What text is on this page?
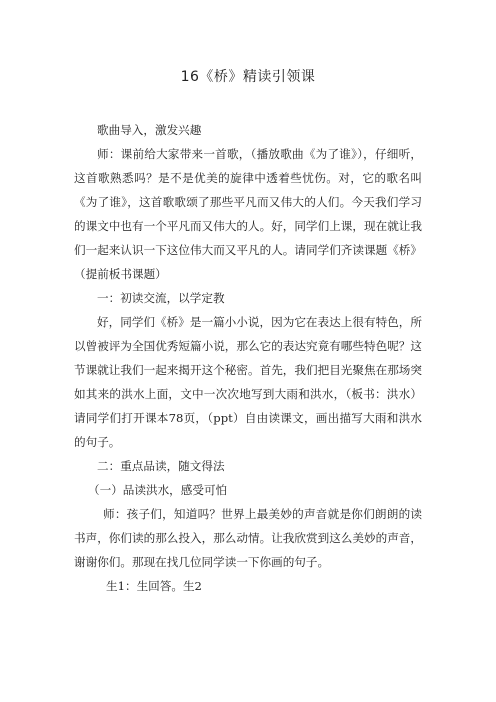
16《桥》精读引领课

歌曲导入，激发兴趣

师：课前给大家带来一首歌，（播放歌曲《为了谁》），仔细听，这首歌熟悉吗？是不是优美的旋律中透着些忧伤。对，它的歌名叫《为了谁》，这首歌歌颂了那些平凡而又伟大的人们。今天我们学习的课文中也有一个平凡而又伟大的人。好，同学们上课，现在就让我们一起来认识一下这位伟大而又平凡的人。请同学们齐读课题《桥》（提前板书课题）

一：初读交流，以学定教

好，同学们《桥》是一篇小小说，因为它在表达上很有特色，所以曾被评为全国优秀短篇小说，那么它的表达究竟有哪些特色呢？这节课就让我们一起来揭开这个秘密。首先，我们把目光聚焦在那场突如其来的洪水上面，文中一次次地写到大雨和洪水，（板书：洪水）请同学们打开课本78页，（ppt）自由读课文，画出描写大雨和洪水的句子。

二：重点品读，随文得法

（一）品读洪水，感受可怕

师：孩子们，知道吗？世界上最美妙的声音就是你们朗朗的读书声，你们读的那么投入，那么动情。让我欣赏到这么美妙的声音，谢谢你们。那现在找几位同学读一下你画的句子。

生1：生回答。生2
